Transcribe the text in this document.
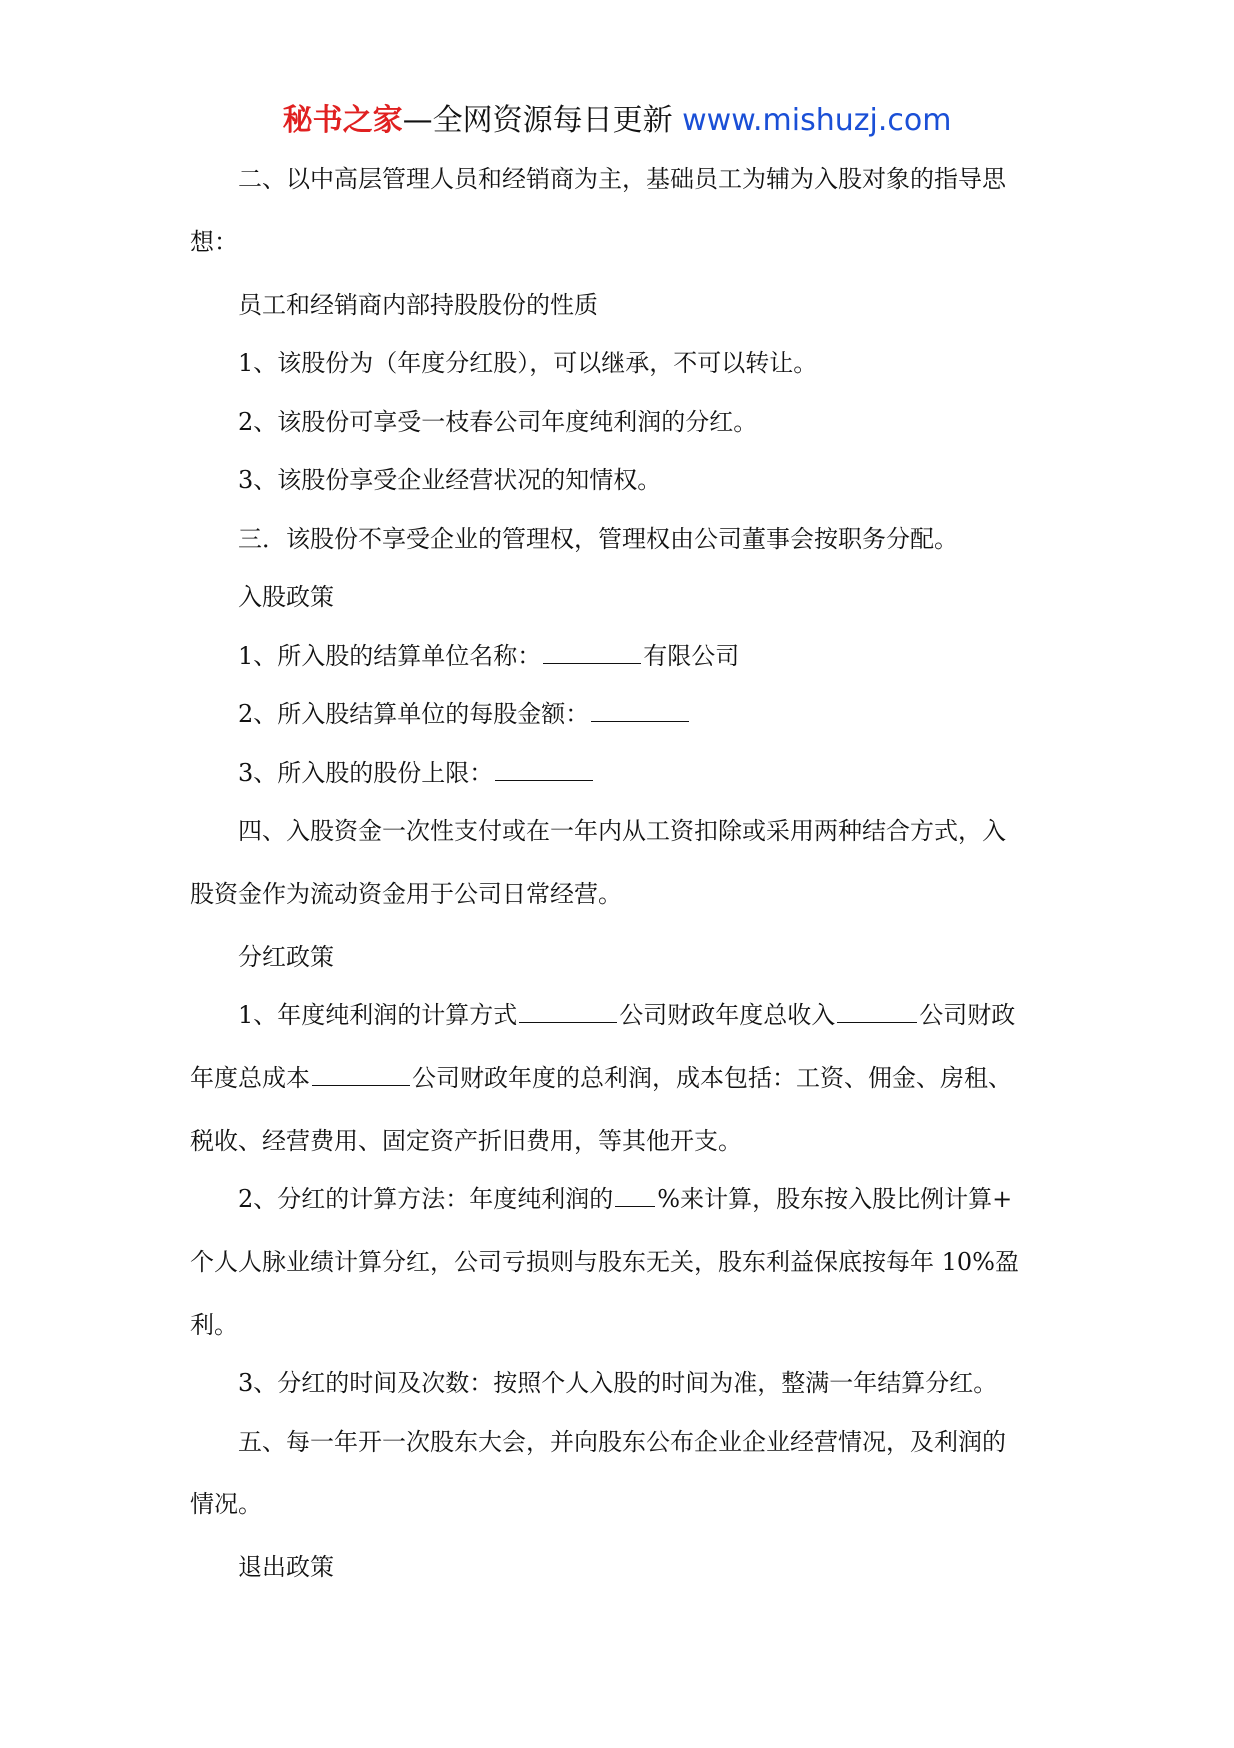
秘书之家—全网资源每日更新 www.mishuzj.com

二、以中高层管理人员和经销商为主，基础员工为辅为入股对象的指导思

想：

员工和经销商内部持股股份的性质

1、该股份为（年度分红股），可以继承，不可以转让。

2、该股份可享受一枝春公司年度纯利润的分红。

3、该股份享受企业经营状况的知情权。

三．该股份不享受企业的管理权，管理权由公司董事会按职务分配。

入股政策

1、所入股的结算单位名称：	有限公司

2、所入股结算单位的每股金额：

3、所入股的股份上限：

四、入股资金一次性支付或在一年内从工资扣除或采用两种结合方式，入

股资金作为流动资金用于公司日常经营。

分红政策

1、年度纯利润的计算方式	公司财政年度总收入	公司财政

年度总成本	公司财政年度的总利润，成本包括：工资、佣金、房租、

税收、经营费用、固定资产折旧费用，等其他开支。

2、分红的计算方法：年度纯利润的 %来计算，股东按入股比例计算+

个人人脉业绩计算分红，公司亏损则与股东无关，股东利益保底按每年 10%盈

利。

3、分红的时间及次数：按照个人入股的时间为准，整满一年结算分红。

五、每一年开一次股东大会，并向股东公布企业企业经营情况，及利润的

情况。

退出政策
